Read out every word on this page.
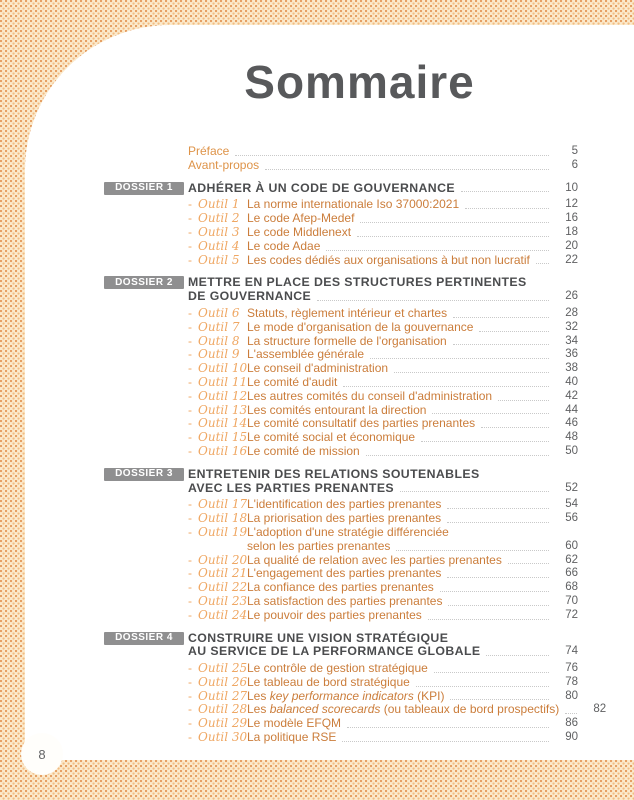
Sommaire
Préface	5
Avant-propos	6
DOSSIER 1	ADHÉRER À UN CODE DE GOUVERNANCE	10
- Outil 1 La norme internationale Iso 37000:2021	12
- Outil 2 Le code Afep-Medef	16
- Outil 3 Le code Middlenext	18
- Outil 4 Le code Adae	20
- Outil 5 Les codes dédiés aux organisations à but non lucratif	22
DOSSIER 2	METTRE EN PLACE DES STRUCTURES PERTINENTES
DE GOUVERNANCE	26
- Outil 6 Statuts, règlement intérieur et chartes	28
- Outil 7 Le mode d'organisation de la gouvernance	32
- Outil 8 La structure formelle de l'organisation	34
- Outil 9 L'assemblée générale	36
- Outil 10 Le conseil d'administration	38
- Outil 11 Le comité d'audit	40
- Outil 12 Les autres comités du conseil d'administration	42
- Outil 13 Les comités entourant la direction	44
- Outil 14 Le comité consultatif des parties prenantes	46
- Outil 15 Le comité social et économique	48
- Outil 16 Le comité de mission	50
DOSSIER 3	ENTRETENIR DES RELATIONS SOUTENABLES
AVEC LES PARTIES PRENANTES	52
- Outil 17 L'identification des parties prenantes	54
- Outil 18 La priorisation des parties prenantes	56
- Outil 19 L'adoption d'une stratégie différenciée
selon les parties prenantes	60
- Outil 20 La qualité de relation avec les parties prenantes	62
- Outil 21 L'engagement des parties prenantes	66
- Outil 22 La confiance des parties prenantes	68
- Outil 23 La satisfaction des parties prenantes	70
- Outil 24 Le pouvoir des parties prenantes	72
DOSSIER 4	CONSTRUIRE UNE VISION STRATÉGIQUE
AU SERVICE DE LA PERFORMANCE GLOBALE	74
- Outil 25 Le contrôle de gestion stratégique	76
- Outil 26 Le tableau de bord stratégique	78
- Outil 27 Les key performance indicators (KPI)	80
- Outil 28 Les balanced scorecards (ou tableaux de bord prospectifs)	82
- Outil 29 Le modèle EFQM	86
- Outil 30 La politique RSE	90
8
